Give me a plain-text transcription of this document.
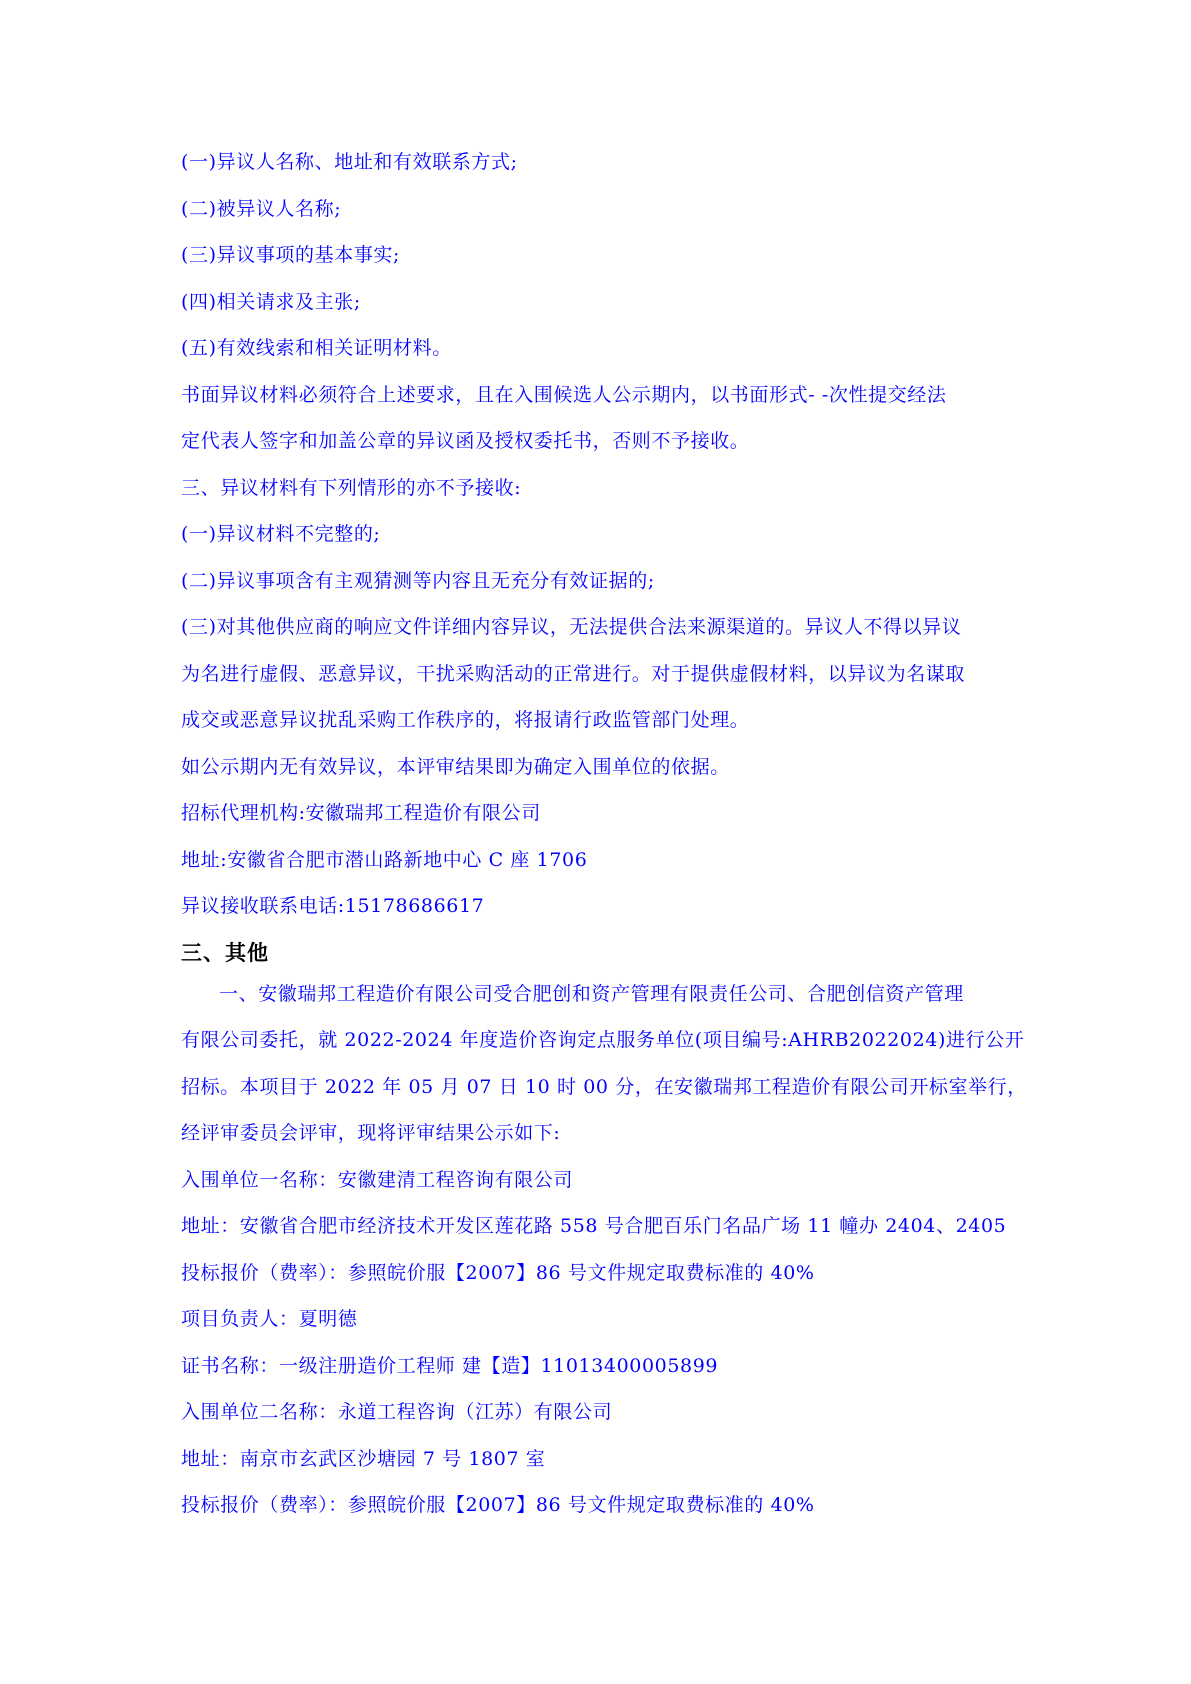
(一)异议人名称、地址和有效联系方式;
(二)被异议人名称;
(三)异议事项的基本事实;
(四)相关请求及主张;
(五)有效线索和相关证明材料。
书面异议材料必须符合上述要求，且在入围候选人公示期内，以书面形式- -次性提交经法
定代表人签字和加盖公章的异议函及授权委托书，否则不予接收。
三、异议材料有下列情形的亦不予接收:
(一)异议材料不完整的;
(二)异议事项含有主观猜测等内容且无充分有效证据的;
(三)对其他供应商的响应文件详细内容异议，无法提供合法来源渠道的。异议人不得以异议
为名进行虚假、恶意异议，干扰采购活动的正常进行。对于提供虚假材料，以异议为名谋取
成交或恶意异议扰乱采购工作秩序的，将报请行政监管部门处理。
如公示期内无有效异议，本评审结果即为确定入围单位的依据。
招标代理机构:安徽瑞邦工程造价有限公司
地址:安徽省合肥市潜山路新地中心 C 座 1706
异议接收联系电话:15178686617
三、其他
一、安徽瑞邦工程造价有限公司受合肥创和资产管理有限责任公司、合肥创信资产管理
有限公司委托，就 2022-2024 年度造价咨询定点服务单位(项目编号:AHRB2022024)进行公开
招标。本项目于 2022 年 05 月 07 日 10 时 00 分，在安徽瑞邦工程造价有限公司开标室举行，
经评审委员会评审，现将评审结果公示如下:
入围单位一名称：安徽建清工程咨询有限公司
地址：安徽省合肥市经济技术开发区莲花路 558 号合肥百乐门名品广场 11 幢办 2404、2405
投标报价（费率）：参照皖价服【2007】86 号文件规定取费标准的 40%
项目负责人：夏明德
证书名称：一级注册造价工程师 建【造】11013400005899
入围单位二名称：永道工程咨询（江苏）有限公司
地址：南京市玄武区沙塘园 7 号 1807 室
投标报价（费率）：参照皖价服【2007】86 号文件规定取费标准的 40%
